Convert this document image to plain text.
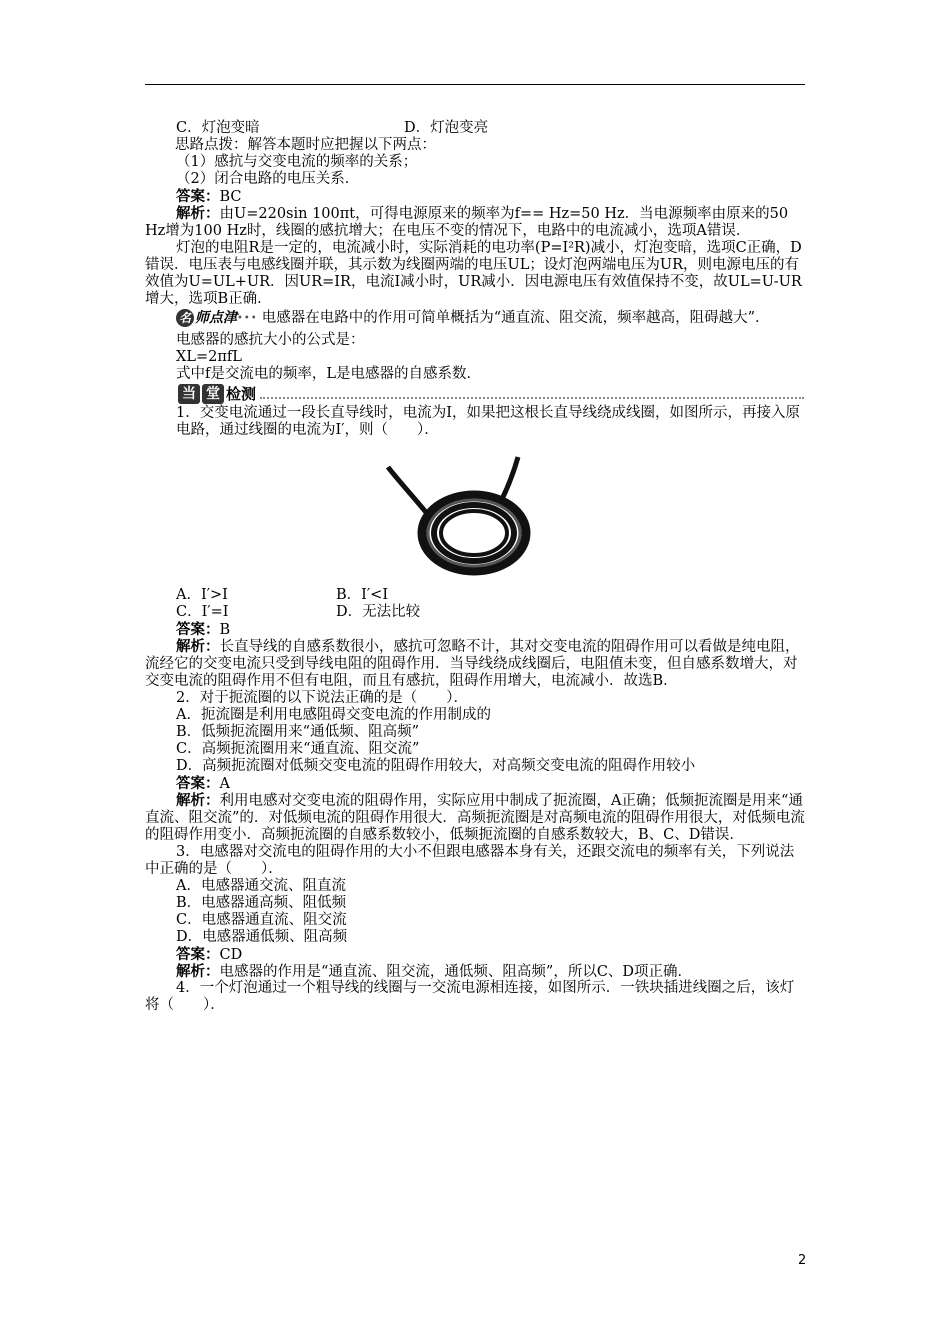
C．灯泡变暗	D．灯泡变亮

思路点拨：解答本题时应把握以下两点：

（1）感抗与交变电流的频率的关系；

（2）闭合电路的电压关系．

答案：BC

解析：由U=220sin 100πt，可得电源原来的频率为f== Hz=50 Hz．当电源频率由原来的50 Hz增为100 Hz时，线圈的感抗增大；在电压不变的情况下，电路中的电流减小，选项A错误．

灯泡的电阻R是一定的，电流减小时，实际消耗的电功率(P=I²R)减小，灯泡变暗，选项C正确，D错误．电压表与电感线圈并联，其示数为线圈两端的电压UL；设灯泡两端电压为UR，则电源电压的有效值为U=UL+UR．因UR=IR，电流I减小时，UR减小．因电源电压有效值保持不变，故UL=U-UR增大，选项B正确．

名 师点津 ••• 电感器在电路中的作用可简单概括为“通直流、阻交流，频率越高，阻碍越大”．

电感器的感抗大小的公式是：

XL=2πfL

式中f是交流电的频率，L是电感器的自感系数．

当 堂 检测

1．交变电流通过一段长直导线时，电流为I，如果把这根长直导线绕成线圈，如图所示，再接入原电路，通过线圈的电流为I′，则（　　）．

A．I′>I	B．I′<I

C．I′=I	D．无法比较

答案：B

解析：长直导线的自感系数很小，感抗可忽略不计，其对交变电流的阻碍作用可以看做是纯电阻，流经它的交变电流只受到导线电阻的阻碍作用．当导线绕成线圈后，电阻值未变，但自感系数增大，对交变电流的阻碍作用不但有电阻，而且有感抗，阻碍作用增大，电流减小．故选B．

2．对于扼流圈的以下说法正确的是（　　）．

A．扼流圈是利用电感阻碍交变电流的作用制成的

B．低频扼流圈用来“通低频、阻高频”

C．高频扼流圈用来“通直流、阻交流”

D．高频扼流圈对低频交变电流的阻碍作用较大，对高频交变电流的阻碍作用较小

答案：A

解析：利用电感对交变电流的阻碍作用，实际应用中制成了扼流圈，A正确；低频扼流圈是用来“通直流、阻交流”的．对低频电流的阻碍作用很大．高频扼流圈是对高频电流的阻碍作用很大，对低频电流的阻碍作用变小．高频扼流圈的自感系数较小，低频扼流圈的自感系数较大，B、C、D错误．

3．电感器对交流电的阻碍作用的大小不但跟电感器本身有关，还跟交流电的频率有关，下列说法中正确的是（　　）．

A．电感器通交流、阻直流

B．电感器通高频、阻低频

C．电感器通直流、阻交流

D．电感器通低频、阻高频

答案：CD

解析：电感器的作用是“通直流、阻交流，通低频、阻高频”，所以C、D项正确．

4．一个灯泡通过一个粗导线的线圈与一交流电源相连接，如图所示．一铁块插进线圈之后，该灯将（　　）．

2
